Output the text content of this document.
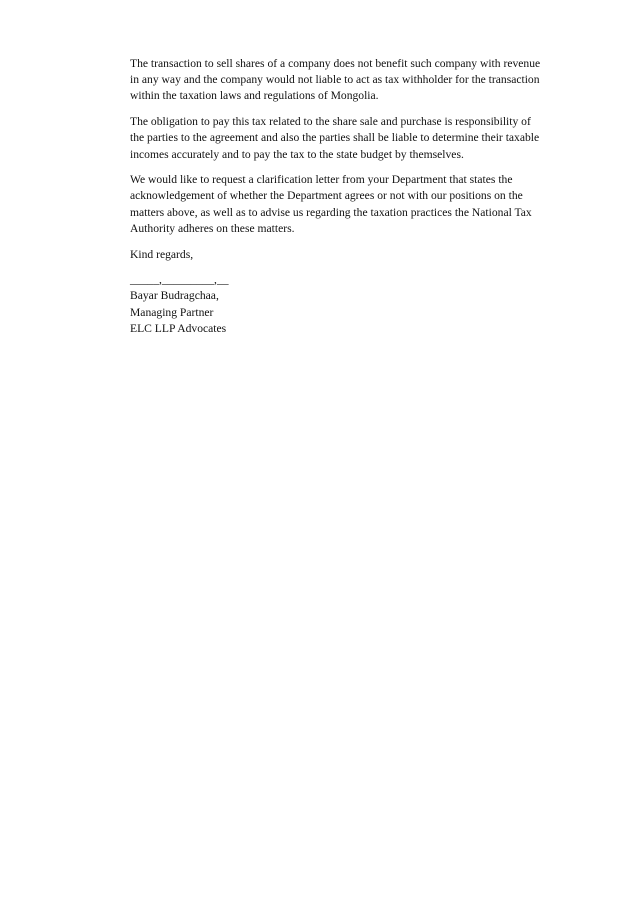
The transaction to sell shares of a company does not benefit such company with revenue
in any way and the company would not liable to act as tax withholder for the transaction
within the taxation laws and regulations of Mongolia.

The obligation to pay this tax related to the share sale and purchase is responsibility of
the parties to the agreement and also the parties shall be liable to determine their taxable
incomes accurately and to pay the tax to the state budget by themselves.

We would like to request a clarification letter from your Department that states the
acknowledgement of whether the Department agrees or not with our positions on the
matters above, as well as to advise us regarding the taxation practices the National Tax
Authority adheres on these matters.

Kind regards,

_____,_________,__
Bayar Budragchaa,
Managing Partner
ELC LLP Advocates
